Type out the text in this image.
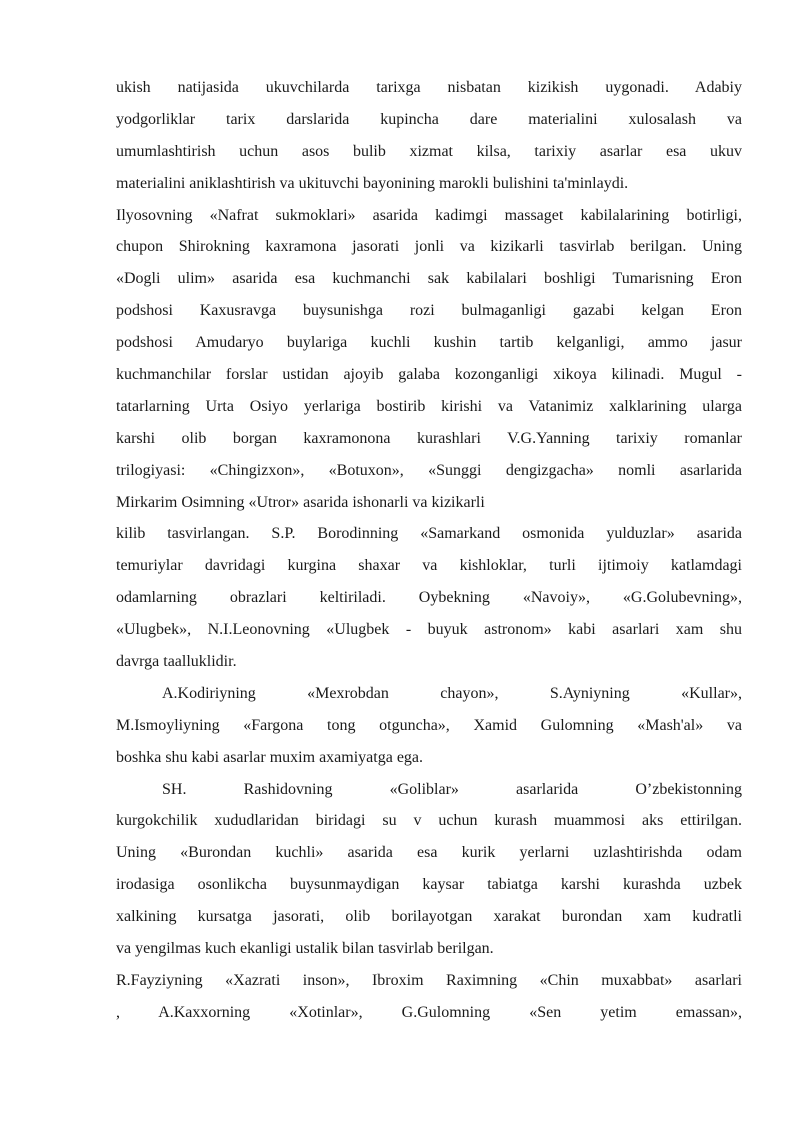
ukish natijasida ukuvchilarda tarixga nisbatan kizikish uygonadi. Adabiy
yodgorliklar tarix darslarida kupincha dare materialini xulosalash va
umumlashtirish uchun asos bulib xizmat kilsa, tarixiy asarlar esa ukuv
materialini aniklashtirish va ukituvchi bayonining marokli bulishini ta'minlaydi.
Ilyosovning «Nafrat sukmoklari» asarida kadimgi massaget kabilalarining botirligi,
chupon Shirokning kaxramona jasorati jonli va kizikarli tasvirlab berilgan. Uning
«Dogli ulim» asarida esa kuchmanchi sak kabilalari boshligi Tumarisning Eron
podshosi Kaxusravga buysunishga rozi bulmaganligi gazabi kelgan Eron
podshosi Amudaryo buylariga kuchli kushin tartib kelganligi, ammo jasur
kuchmanchilar forslar ustidan ajoyib galaba kozonganligi xikoya kilinadi. Mugul -
tatarlarning Urta Osiyo yerlariga bostirib kirishi va Vatanimiz xalklarining ularga
karshi olib borgan kaxramonona kurashlari V.G.Yanning tarixiy romanlar
trilogiyasi: «Chingizxon», «Botuxon», «Sunggi dengizgacha» nomli asarlarida
Mirkarim Osimning «Utror» asarida ishonarli va kizikarli
kilib tasvirlangan. S.P. Borodinning «Samarkand osmonida yulduzlar» asarida
temuriylar davridagi kurgina shaxar va kishloklar, turli ijtimoiy katlamdagi
odamlarning obrazlari keltiriladi. Oybekning «Navoiy», «G.Golubevning»,
«Ulugbek», N.I.Leonovning «Ulugbek - buyuk astronom» kabi asarlari xam shu
davrga taalluklidir.
A.Kodiriyning «Mexrobdan chayon», S.Ayniyning «Kullar»,
M.Ismoyliyning «Fargona tong otguncha», Xamid Gulomning «Mash'al» va
boshka shu kabi asarlar muxim axamiyatga ega.
SH. Rashidovning «Goliblar» asarlarida O’zbekistonning
kurgokchilik xududlaridan biridagi su v uchun kurash muammosi aks ettirilgan.
Uning «Burondan kuchli» asarida esa kurik yerlarni uzlashtirishda odam
irodasiga osonlikcha buysunmaydigan kaysar tabiatga karshi kurashda uzbek
xalkining kursatga jasorati, olib borilayotgan xarakat burondan xam kudratli
va yengilmas kuch ekanligi ustalik bilan tasvirlab berilgan.
R.Fayziyning «Xazrati inson», Ibroxim Raximning «Chin muxabbat» asarlari
, A.Kaxxorning «Xotinlar», G.Gulomning «Sen yetim emassan»,
